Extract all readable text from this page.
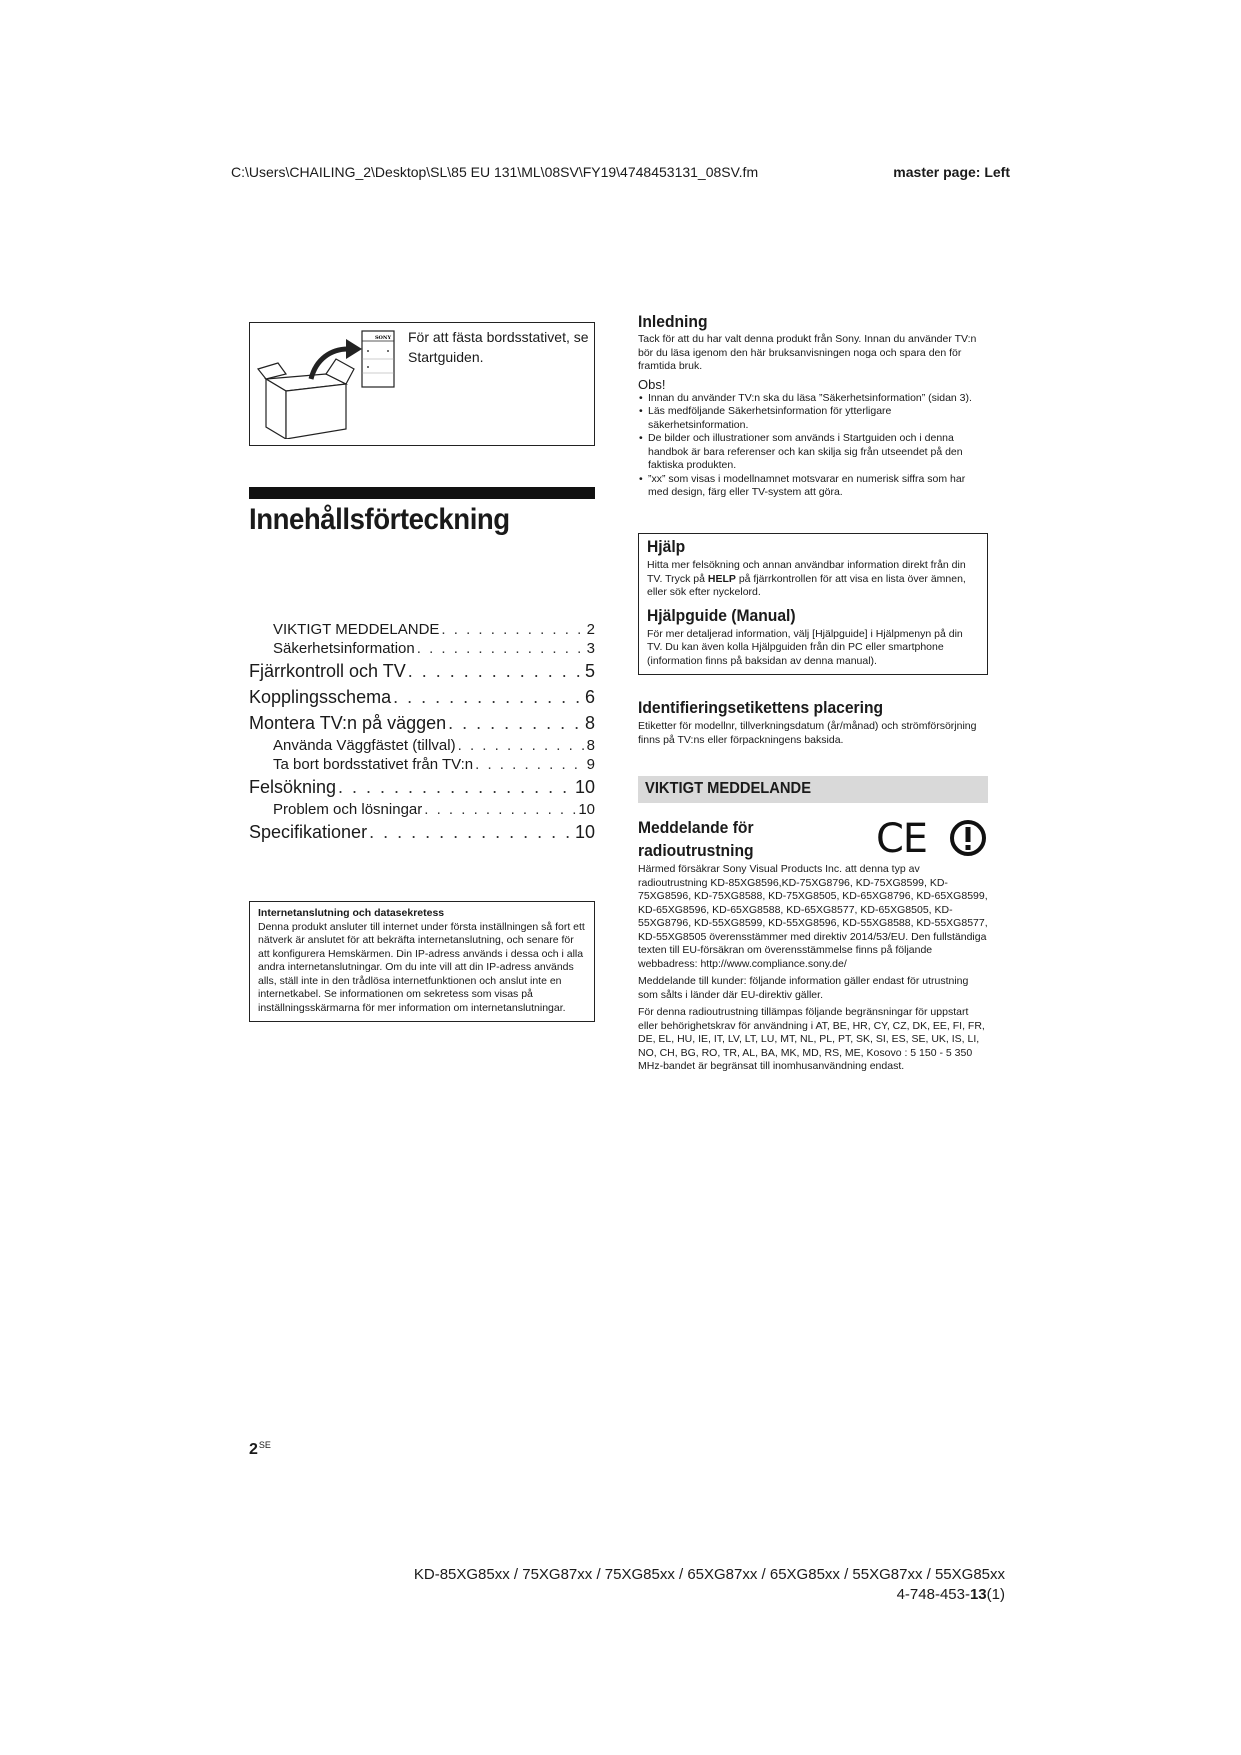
C:\Users\CHAILING_2\Desktop\SL\85 EU 131\ML\08SV\FY19\4748453131_08SV.fm	master page: Left
SONY För att fästa bordsstativet, se Startguiden.
Innehållsförteckning
VIKTIGT MEDDELANDE . . .	2
Säkerhetsinformation . . .	3
Fjärrkontroll och TV . . .	5
Kopplingsschema . . .	6
Montera TV:n på väggen . . .	8
Använda Väggfästet (tillval) . . .	8
Ta bort bordsstativet från TV:n . . .	9
Felsökning . . .	10
Problem och lösningar . . .	10
Specifikationer . . .	10
Internetanslutning och datasekretess
Denna produkt ansluter till internet under första inställningen så fort ett nätverk är anslutet för att bekräfta internetanslutning, och senare för att konfigurera Hemskärmen. Din IP-adress används i dessa och i alla andra internetanslutningar. Om du inte vill att din IP-adress används alls, ställ inte in den trådlösa internetfunktionen och anslut inte en internetkabel. Se informationen om sekretess som visas på inställningsskärmarna för mer information om internetanslutningar.
$2^{SE}$
Inledning
Tack för att du har valt denna produkt från Sony. Innan du använder TV:n bör du läsa igenom den här bruksanvisningen noga och spara den för framtida bruk.
Obs!
• Innan du använder TV:n ska du läsa ”Säkerhetsinformation” (sidan 3).
• Läs medföljande Säkerhetsinformation för ytterligare säkerhetsinformation.
• De bilder och illustrationer som används i Startguiden och i denna handbok är bara referenser och kan skilja sig från utseendet på den faktiska produkten.
• ”xx” som visas i modellnamnet motsvarar en numerisk siffra som har med design, färg eller TV-system att göra.
Hjälp
Hitta mer felsökning och annan användbar information direkt från din TV. Tryck på HELP på fjärrkontrollen för att visa en lista över ämnen, eller sök efter nyckelord.
Hjälpguide (Manual)
För mer detaljerad information, välj [Hjälpguide] i Hjälpmenyn på din TV. Du kan även kolla Hjälpguiden från din PC eller smartphone (information finns på baksidan av denna manual).
Identifieringsetikettens placering
Etiketter för modellnr, tillverkningsdatum (år/månad) och strömförsörjning finns på TV:ns eller förpackningens baksida.
VIKTIGT MEDDELANDE
Meddelande för
radioutrustning
Härmed försäkrar Sony Visual Products Inc. att denna typ av radioutrustning KD-85XG8596,KD-75XG8796, KD-75XG8599, KD-75XG8596, KD-75XG8588, KD-75XG8505, KD-65XG8796, KD-65XG8599, KD-65XG8596, KD-65XG8588, KD-65XG8577, KD-65XG8505, KD-55XG8796, KD-55XG8599, KD-55XG8596, KD-55XG8588, KD-55XG8577, KD-55XG8505 överensstämmer med direktiv 2014/53/EU. Den fullständiga texten till EU-försäkran om överensstämmelse finns på följande webbadress: http://www.compliance.sony.de/
Meddelande till kunder: följande information gäller endast för utrustning som sålts i länder där EU-direktiv gäller.
För denna radioutrustning tillämpas följande begränsningar för uppstart eller behörighetskrav för användning i AT, BE, HR, CY, CZ, DK, EE, FI, FR, DE, EL, HU, IE, IT, LV, LT, LU, MT, NL, PL, PT, SK, SI, ES, SE, UK, IS, LI, NO, CH, BG, RO, TR, AL, BA, MK, MD, RS, ME, Kosovo : 5 150 - 5 350 MHz-bandet är begränsat till inomhusanvändning endast.
CE
KD-85XG85xx / 75XG87xx / 75XG85xx / 65XG87xx / 65XG85xx / 55XG87xx / 55XG85xx
4-748-453-13(1)
